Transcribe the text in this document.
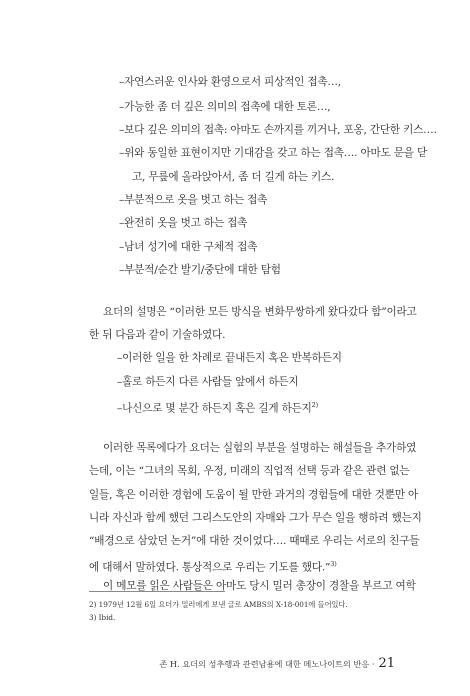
–자연스러운 인사와 환영으로서 피상적인 접촉…,
–가능한 좀 더 깊은 의미의 접촉에 대한 토론…,
–보다 깊은 의미의 접촉: 아마도 손까지를 끼거나, 포옹, 간단한 키스….
–위와 동일한 표현이지만 기대감을 갖고 하는 접촉…. 아마도 문을 닫
고, 무릎에 올라앉아서, 좀 더 길게 하는 키스.
–부분적으로 옷을 벗고 하는 접촉
–완전히 옷을 벗고 하는 접촉
–남녀 성기에 대한 구체적 접촉
–부분적/순간 발기/중단에 대한 탐험
요더의 설명은 “이러한 모든 방식을 변화무쌍하게 왔다갔다 함”이라고
한 뒤 다음과 같이 기술하였다.
–이러한 일을 한 차례로 끝내든지 혹은 반복하든지
–홀로 하든지 다른 사람들 앞에서 하든지
–나신으로 몇 분간 하든지 혹은 길게 하든지$^{2)}$
이러한 목록에다가 요더는 실험의 부분을 설명하는 해설들을 추가하였
는데, 이는 “그녀의 목회, 우정, 미래의 직업적 선택 등과 같은 관련 없는
일들, 혹은 이러한 경험에 도움이 될 만한 과거의 경험들에 대한 것뿐만 아
니라 자신과 함께 했던 그리스도안의 자매와 그가 무슨 일을 행하려 했는지
“배경으로 삼았던 논거”에 대한 것이었다…. 때때로 우리는 서로의 친구들
에 대해서 말하였다. 통상적으로 우리는 기도를 했다.”$^{3)}$
이 메모를 읽은 사람들은 아마도 당시 밀러 총장이 경찰을 부르고 여학
2) 1979년 12월 6일 요더가 밀러에게 보낸 글로 AMBS의 X-18-001에 들어있다.
3) Ibid.
존 H. 요더의 성추행과 관련남용에 대한 메노나이트의 반응 · 21
